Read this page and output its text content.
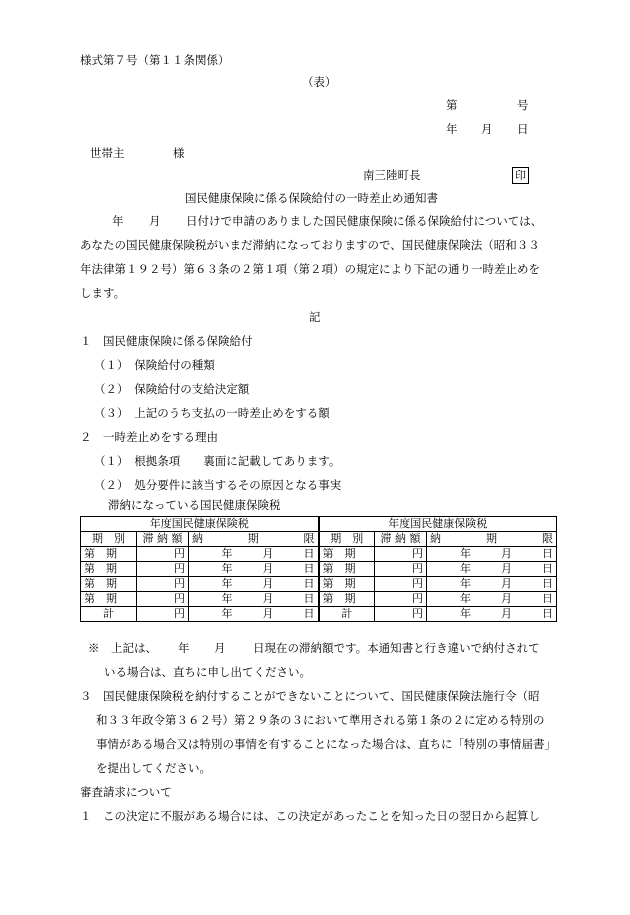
様式第７号（第１１条関係）
（表）
第	号
年 月 日
世帯主	様
南三陸町長	印
国民健康保険に係る保険給付の一時差止め通知書
年 月 日付けで申請のありました国民健康保険に係る保険給付については、
あなたの国民健康保険税がいまだ滞納になっておりますので、国民健康保険法（昭和３３
年法律第１９２号）第６３条の２第１項（第２項）の規定により下記の通り一時差止めを
します。
記
１　国民健康保険に係る保険給付
（１）　保険給付の種類
（２）　保険給付の支給決定額
（３）　上記のうち支払の一時差止めをする額
２　一時差止めをする理由
（１）　根拠条項　　裏面に記載してあります。
（２）　処分要件に該当するその原因となる事実
滞納になっている国民健康保険税
年度国民健康保険税			年度国民健康保険税		
期　別	滞 納 額	納 期 限	期　別	滞 納 額	納 期 限

第　期	円	年 月 日	第　期	円	年 月 日

第　期	円	年 月 日	第　期	円	年 月 日

第　期	円	年 月 日	第　期	円	年 月 日

第　期	円	年 月 日	第　期	円	年 月 日

計	円	年 月 日	計	円	年 月 日
※　上記は、 年 月 日現在の滞納額です。本通知書と行き違いで納付されて
いる場合は、直ちに申し出てください。
３　国民健康保険税を納付することができないことについて、国民健康保険法施行令（昭
和３３年政令第３６２号）第２９条の３において準用される第１条の２に定める特別の
事情がある場合又は特別の事情を有することになった場合は、直ちに「特別の事情届書」
を提出してください。
審査請求について
１　この決定に不服がある場合には、この決定があったことを知った日の翌日から起算し
